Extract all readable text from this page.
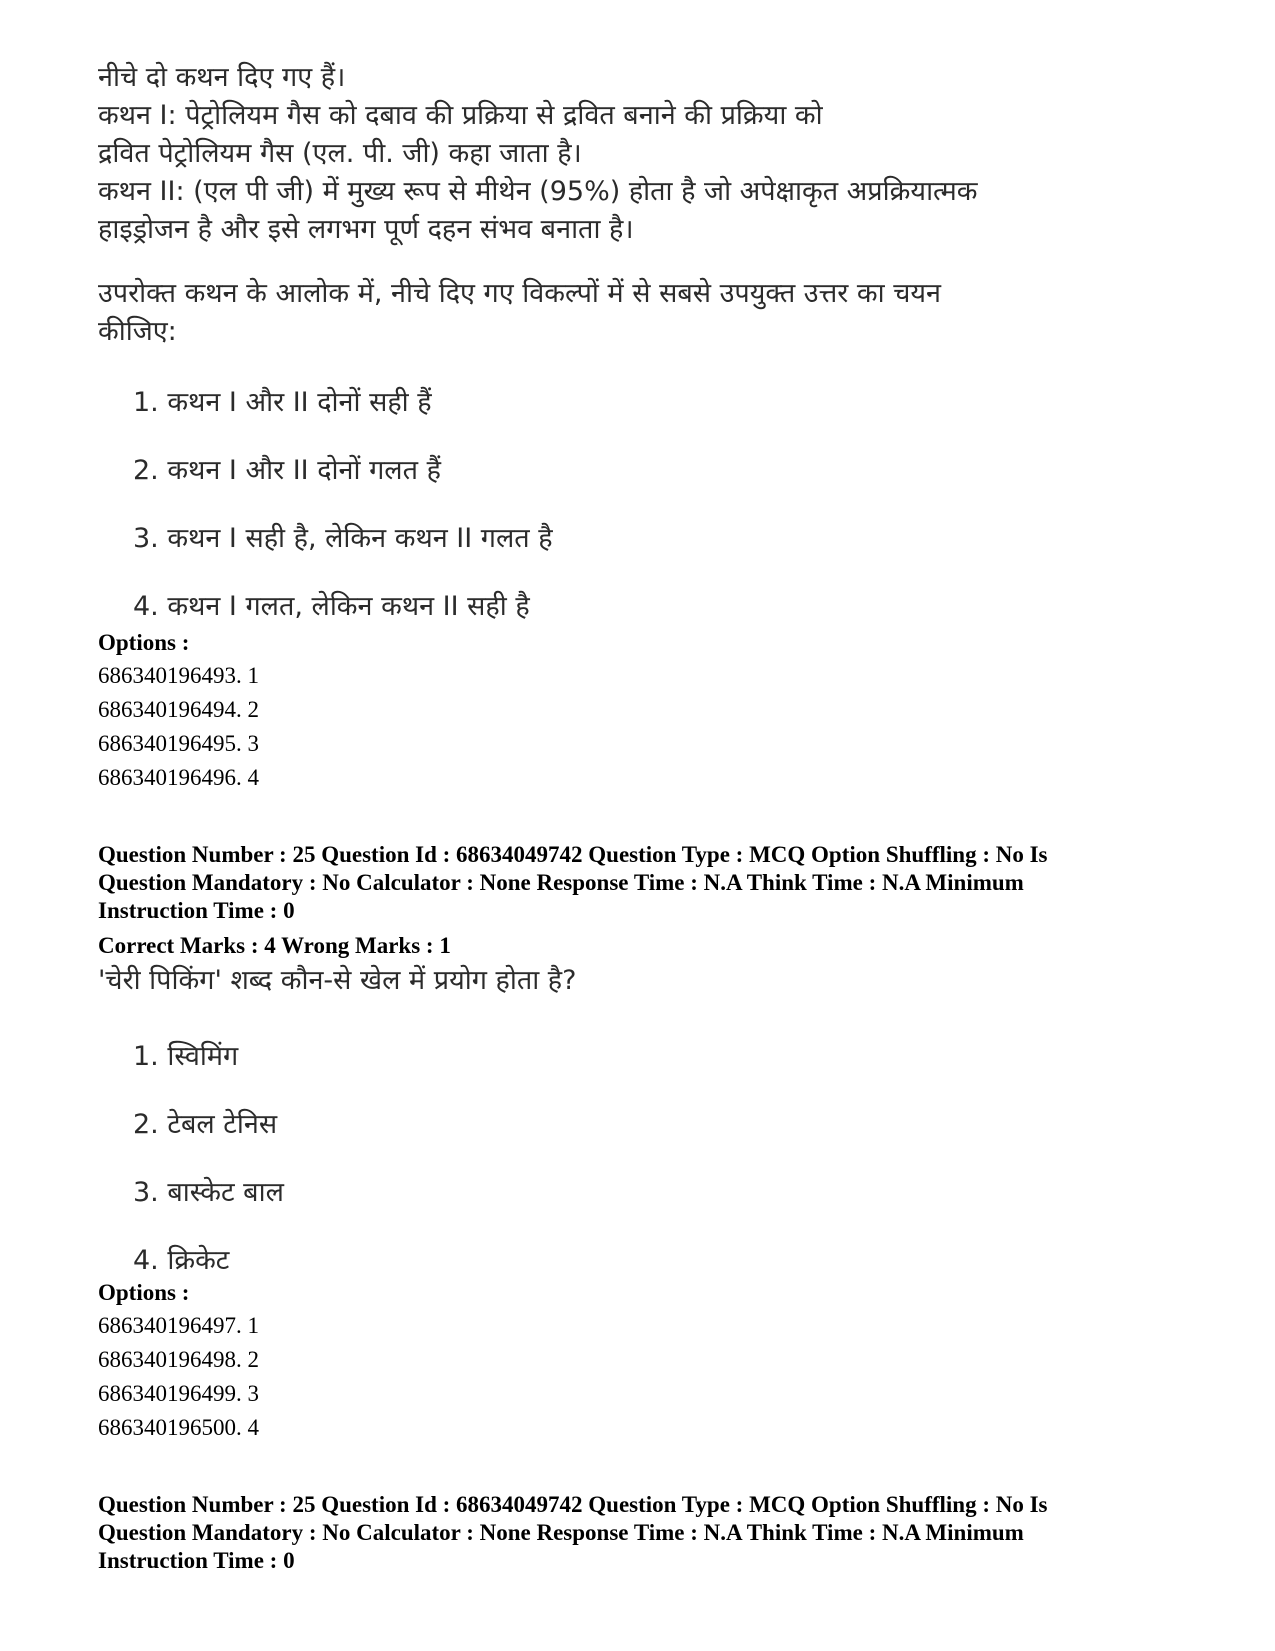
नीचे दो कथन दिए गए हैं।
कथन I: पेट्रोलियम गैस को दबाव की प्रक्रिया से द्रवित बनाने की प्रक्रिया को
द्रवित पेट्रोलियम गैस (एल. पी. जी) कहा जाता है।
कथन II: (एल पी जी) में मुख्य रूप से मीथेन (95%) होता है जो अपेक्षाकृत अप्रक्रियात्मक
हाइड्रोजन है और इसे लगभग पूर्ण दहन संभव बनाता है।
उपरोक्त कथन के आलोक में, नीचे दिए गए विकल्पों में से सबसे उपयुक्त उत्तर का चयन
कीजिए:
1. कथन I और II दोनों सही हैं
2. कथन I और II दोनों गलत हैं
3. कथन I सही है, लेकिन कथन II गलत है
4. कथन I गलत, लेकिन कथन II सही है
Options :
686340196493. 1
686340196494. 2
686340196495. 3
686340196496. 4
Question Number : 25 Question Id : 68634049742 Question Type : MCQ Option Shuffling : No Is
Question Mandatory : No Calculator : None Response Time : N.A Think Time : N.A Minimum
Instruction Time : 0
Correct Marks : 4 Wrong Marks : 1
'चेरी पिकिंग' शब्द कौन-से खेल में प्रयोग होता है?
1. स्विमिंग
2. टेबल टेनिस
3. बास्केट बाल
4. क्रिकेट
Options :
686340196497. 1
686340196498. 2
686340196499. 3
686340196500. 4
Question Number : 25 Question Id : 68634049742 Question Type : MCQ Option Shuffling : No Is
Question Mandatory : No Calculator : None Response Time : N.A Think Time : N.A Minimum
Instruction Time : 0
